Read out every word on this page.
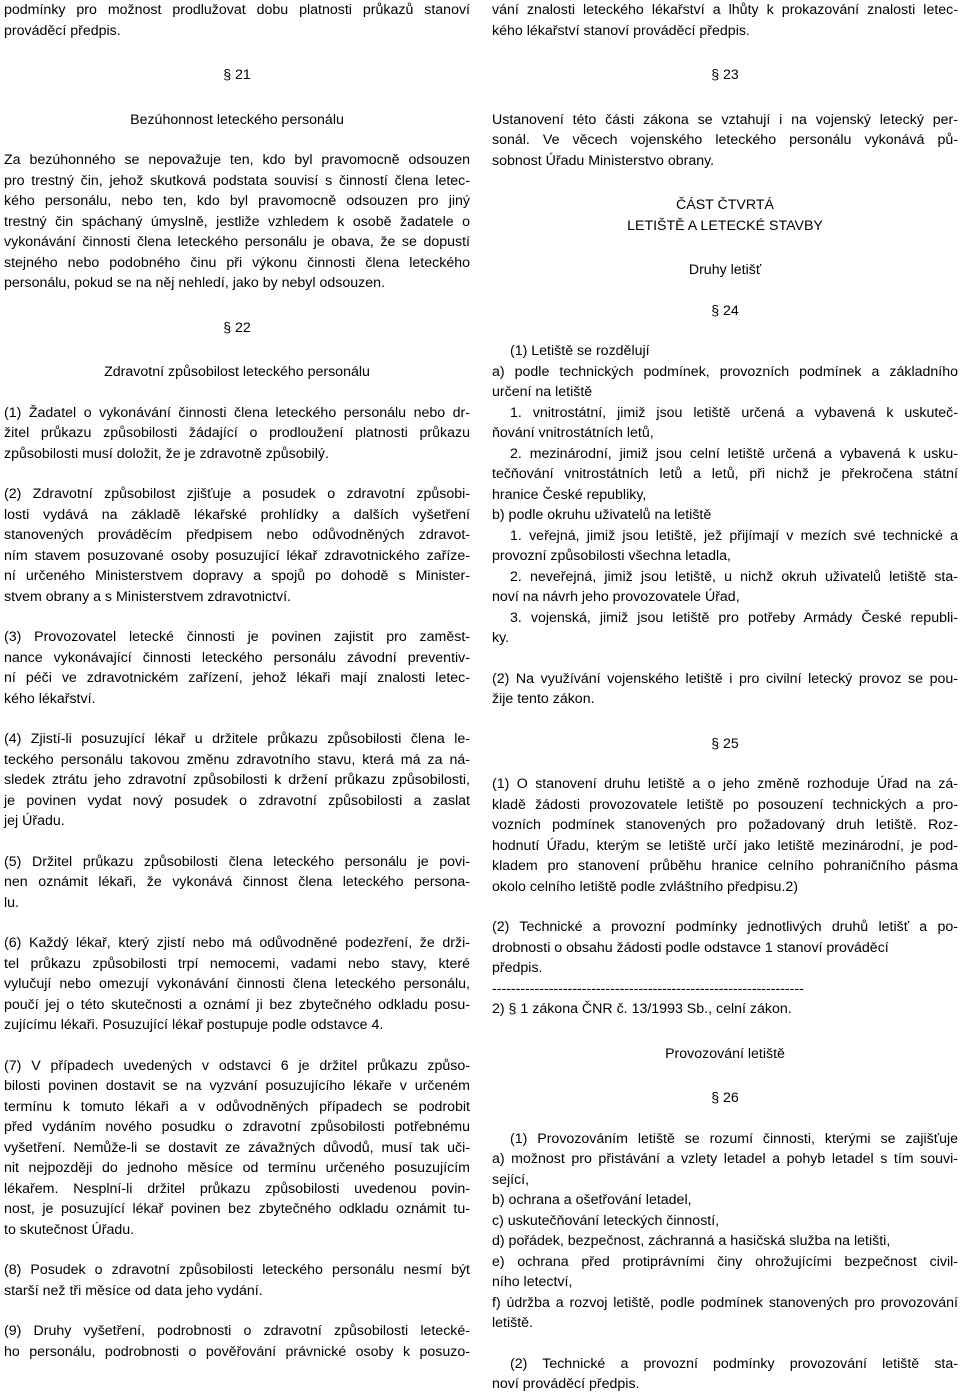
podmínky pro možnost prodlužovat dobu platnosti průkazů stanoví
prováděcí předpis.
§ 21
Bezúhonnost leteckého personálu
Za bezúhonného se nepovažuje ten, kdo byl pravomocně odsouzen
pro trestný čin, jehož skutková podstata souvisí s činností člena letec-
kého personálu, nebo ten, kdo byl pravomocně odsouzen pro jiný
trestný čin spáchaný úmyslně, jestliže vzhledem k osobě žadatele o
vykonávání činnosti člena leteckého personálu je obava, že se dopustí
stejného nebo podobného činu při výkonu činnosti člena leteckého
personálu, pokud se na něj nehledí, jako by nebyl odsouzen.
§ 22
Zdravotní způsobilost leteckého personálu
(1) Žadatel o vykonávání činnosti člena leteckého personálu nebo dr-
žitel průkazu způsobilosti žádající o prodloužení platnosti průkazu
způsobilosti musí doložit, že je zdravotně způsobilý.
(2) Zdravotní způsobilost zjišťuje a posudek o zdravotní způsobi-
losti vydává na základě lékařské prohlídky a dalších vyšetření
stanovených prováděcím předpisem nebo odůvodněných zdravot-
ním stavem posuzované osoby posuzující lékař zdravotnického zaříze-
ní určeného Ministerstvem dopravy a spojů po dohodě s Minister-
stvem obrany a s Ministerstvem zdravotnictví.
(3) Provozovatel letecké činnosti je povinen zajistit pro zaměst-
nance vykonávající činnosti leteckého personálu závodní preventiv-
ní péči ve zdravotnickém zařízení, jehož lékaři mají znalosti letec-
kého lékařství.
(4) Zjistí-li posuzující lékař u držitele průkazu způsobilosti člena le-
teckého personálu takovou změnu zdravotního stavu, která má za ná-
sledek ztrátu jeho zdravotní způsobilosti k držení průkazu způsobilosti,
je povinen vydat nový posudek o zdravotní způsobilosti a zaslat
jej Úřadu.
(5) Držitel průkazu způsobilosti člena leteckého personálu je povi-
nen oznámit lékaři, že vykonává činnost člena leteckého persona-
lu.
(6) Každý lékař, který zjistí nebo má odůvodněné podezření, že drži-
tel průkazu způsobilosti trpí nemocemi, vadami nebo stavy, které
vylučují nebo omezují vykonávání činnosti člena leteckého personálu,
poučí jej o této skutečnosti a oznámí ji bez zbytečného odkladu posu-
zujícímu lékaři. Posuzující lékař postupuje podle odstavce 4.
(7) V případech uvedených v odstavci 6 je držitel průkazu způso-
bilosti povinen dostavit se na vyzvání posuzujícího lékaře v určeném
termínu k tomuto lékaři a v odůvodněných případech se podrobit
před vydáním nového posudku o zdravotní způsobilosti potřebnému
vyšetření. Nemůže-li se dostavit ze závažných důvodů, musí tak uči-
nit nejpozději do jednoho měsíce od termínu určeného posuzujícím
lékařem. Nesplní-li držitel průkazu způsobilosti uvedenou povin-
nost, je posuzující lékař povinen bez zbytečného odkladu oznámit tu-
to skutečnost Úřadu.
(8) Posudek o zdravotní způsobilosti leteckého personálu nesmí být
starší než tři měsíce od data jeho vydání.
(9) Druhy vyšetření, podrobnosti o zdravotní způsobilosti letecké-
ho personálu, podrobnosti o pověřování právnické osoby k posuzo-
vání znalosti leteckého lékařství a lhůty k prokazování znalosti letec-
kého lékařství stanoví prováděcí předpis.
§ 23
Ustanovení této části zákona se vztahují i na vojenský letecký per-
sonál. Ve věcech vojenského leteckého personálu vykonává pů-
sobnost Úřadu Ministerstvo obrany.
ČÁST ČTVRTÁ
LETIŠTĚ A LETECKÉ STAVBY
Druhy letišť
§ 24
(1) Letiště se rozdělují
a) podle technických podmínek, provozních podmínek a základního
určení na letiště
1. vnitrostátní, jimiž jsou letiště určená a vybavená k uskuteč-
ňování vnitrostátních letů,
2. mezinárodní, jimiž jsou celní letiště určená a vybavená k usku-
tečňování vnitrostátních letů a letů, při nichž je překročena státní
hranice České republiky,
b) podle okruhu uživatelů na letiště
1. veřejná, jimiž jsou letiště, jež přijímají v mezích své technické a
provozní způsobilosti všechna letadla,
2. neveřejná, jimiž jsou letiště, u nichž okruh uživatelů letiště sta-
noví na návrh jeho provozovatele Úřad,
3. vojenská, jimiž jsou letiště pro potřeby Armády České republi-
ky.
(2) Na využívání vojenského letiště i pro civilní letecký provoz se pou-
žije tento zákon.
§ 25
(1) O stanovení druhu letiště a o jeho změně rozhoduje Úřad na zá-
kladě žádosti provozovatele letiště po posouzení technických a pro-
vozních podmínek stanovených pro požadovaný druh letiště. Roz-
hodnutí Úřadu, kterým se letiště určí jako letiště mezinárodní, je pod-
kladem pro stanovení průběhu hranice celního pohraničního pásma
okolo celního letiště podle zvláštního předpisu.2)
(2) Technické a provozní podmínky jednotlivých druhů letišť a po-
drobnosti o obsahu žádosti podle odstavce 1 stanoví prováděcí
předpis.
------------------------------------------------------------------
2) § 1 zákona ČNR č. 13/1993 Sb., celní zákon.
Provozování letiště
§ 26
(1) Provozováním letiště se rozumí činnosti, kterými se zajišťuje
a) možnost pro přistávání a vzlety letadel a pohyb letadel s tím souvi-
sející,
b) ochrana a ošetřování letadel,
c) uskutečňování leteckých činností,
d) pořádek, bezpečnost, záchranná a hasičská služba na letišti,
e) ochrana před protiprávními činy ohrožujícími bezpečnost civil-
ního letectví,
f) údržba a rozvoj letiště, podle podmínek stanovených pro provozování
letiště.
(2) Technické a provozní podmínky provozování letiště sta-
noví prováděcí předpis.
